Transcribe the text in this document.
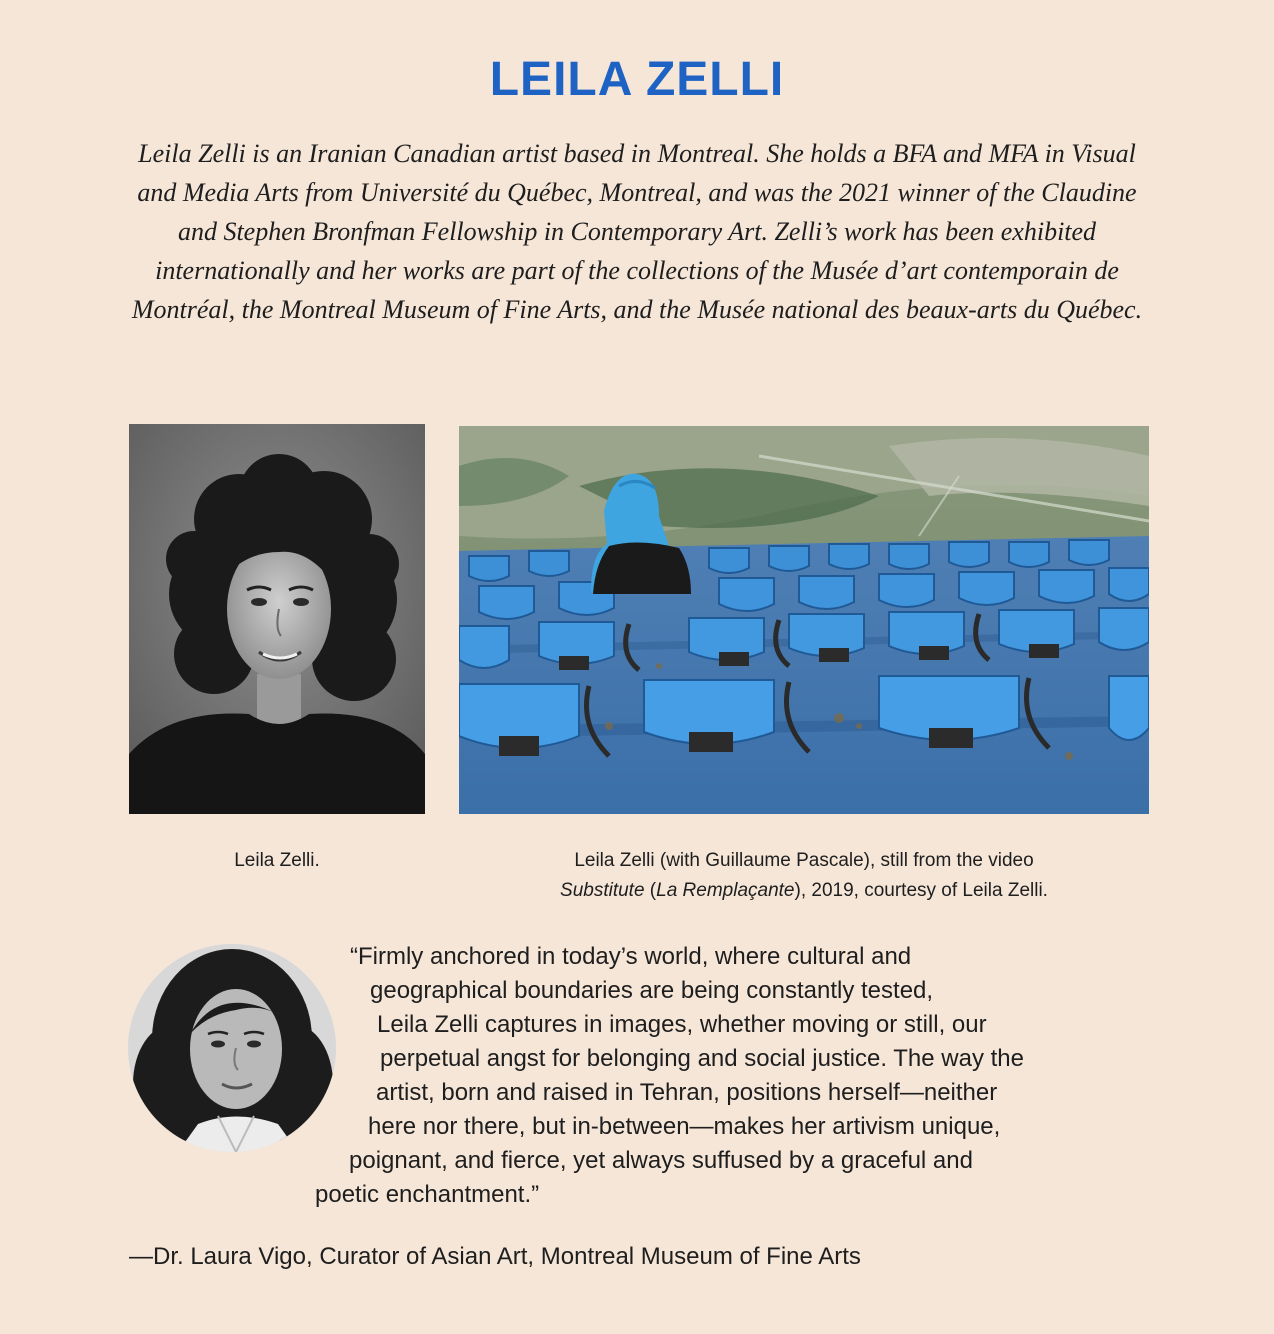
LEILA ZELLI

Leila Zelli is an Iranian Canadian artist based in Montreal. She holds a BFA and MFA in Visual and Media Arts from Université du Québec, Montreal, and was the 2021 winner of the Claudine and Stephen Bronfman Fellowship in Contemporary Art. Zelli’s work has been exhibited internationally and her works are part of the collections of the Musée d’art contemporain de Montréal, the Montreal Museum of Fine Arts, and the Musée national des beaux-arts du Québec.

Leila Zelli.	Leila Zelli (with Guillaume Pascale), still from the video
Substitute (La Remplaçante), 2019, courtesy of Leila Zelli.
“Firmly anchored in today’s world, where cultural and
geographical boundaries are being constantly tested,
Leila Zelli captures in images, whether moving or still, our
perpetual angst for belonging and social justice. The way the
artist, born and raised in Tehran, positions herself—neither
here nor there, but in-between—makes her artivism unique,
poignant, and fierce, yet always suffused by a graceful and
poetic enchantment.”
—Dr. Laura Vigo, Curator of Asian Art, Montreal Museum of Fine Arts
